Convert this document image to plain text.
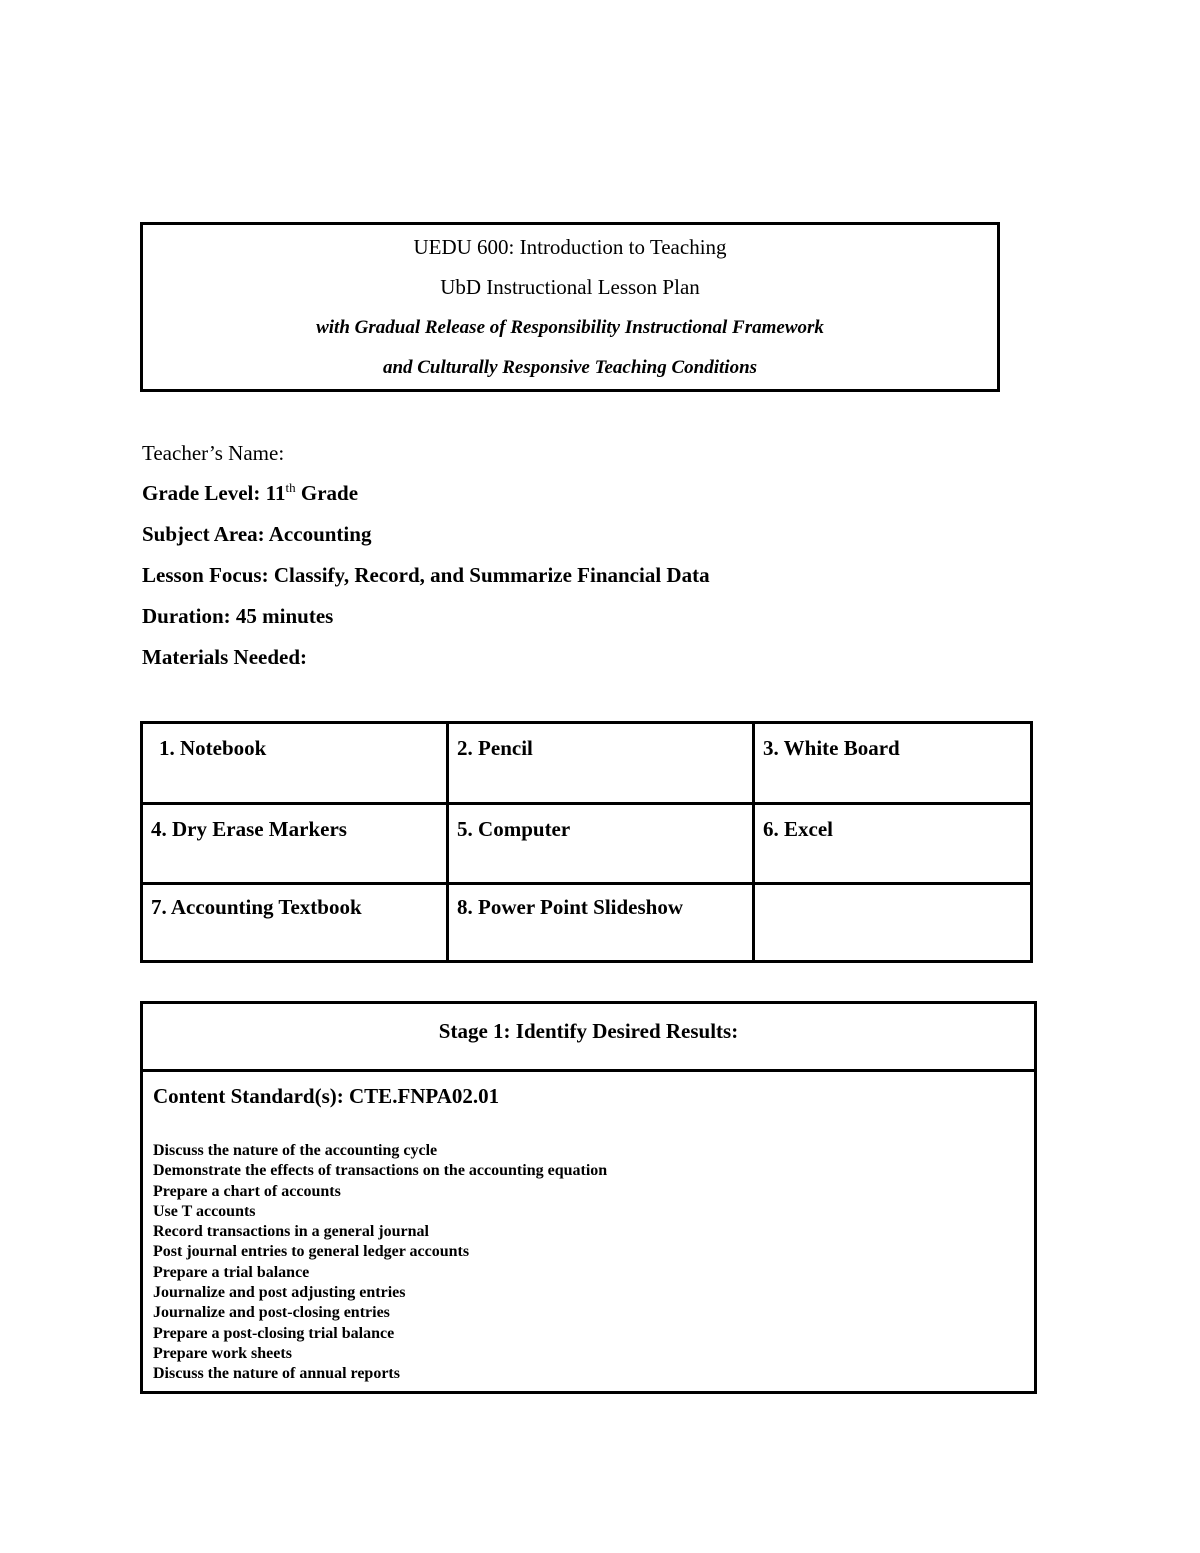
UEDU 600: Introduction to Teaching
UbD Instructional Lesson Plan
with Gradual Release of Responsibility Instructional Framework
and Culturally Responsive Teaching Conditions
Teacher’s Name:
Grade Level: 11th Grade
Subject Area: Accounting
Lesson Focus: Classify, Record, and Summarize Financial Data
Duration: 45 minutes
Materials Needed:
1. Notebook	2. Pencil	3. White Board
4. Dry Erase Markers	5. Computer	6. Excel
7. Accounting Textbook	8. Power Point Slideshow	
Stage 1: Identify Desired Results:
Content Standard(s): CTE.FNPA02.01
Discuss the nature of the accounting cycle
Demonstrate the effects of transactions on the accounting equation
Prepare a chart of accounts
Use T accounts
Record transactions in a general journal
Post journal entries to general ledger accounts
Prepare a trial balance
Journalize and post adjusting entries
Journalize and post-closing entries
Prepare a post-closing trial balance
Prepare work sheets
Discuss the nature of annual reports
